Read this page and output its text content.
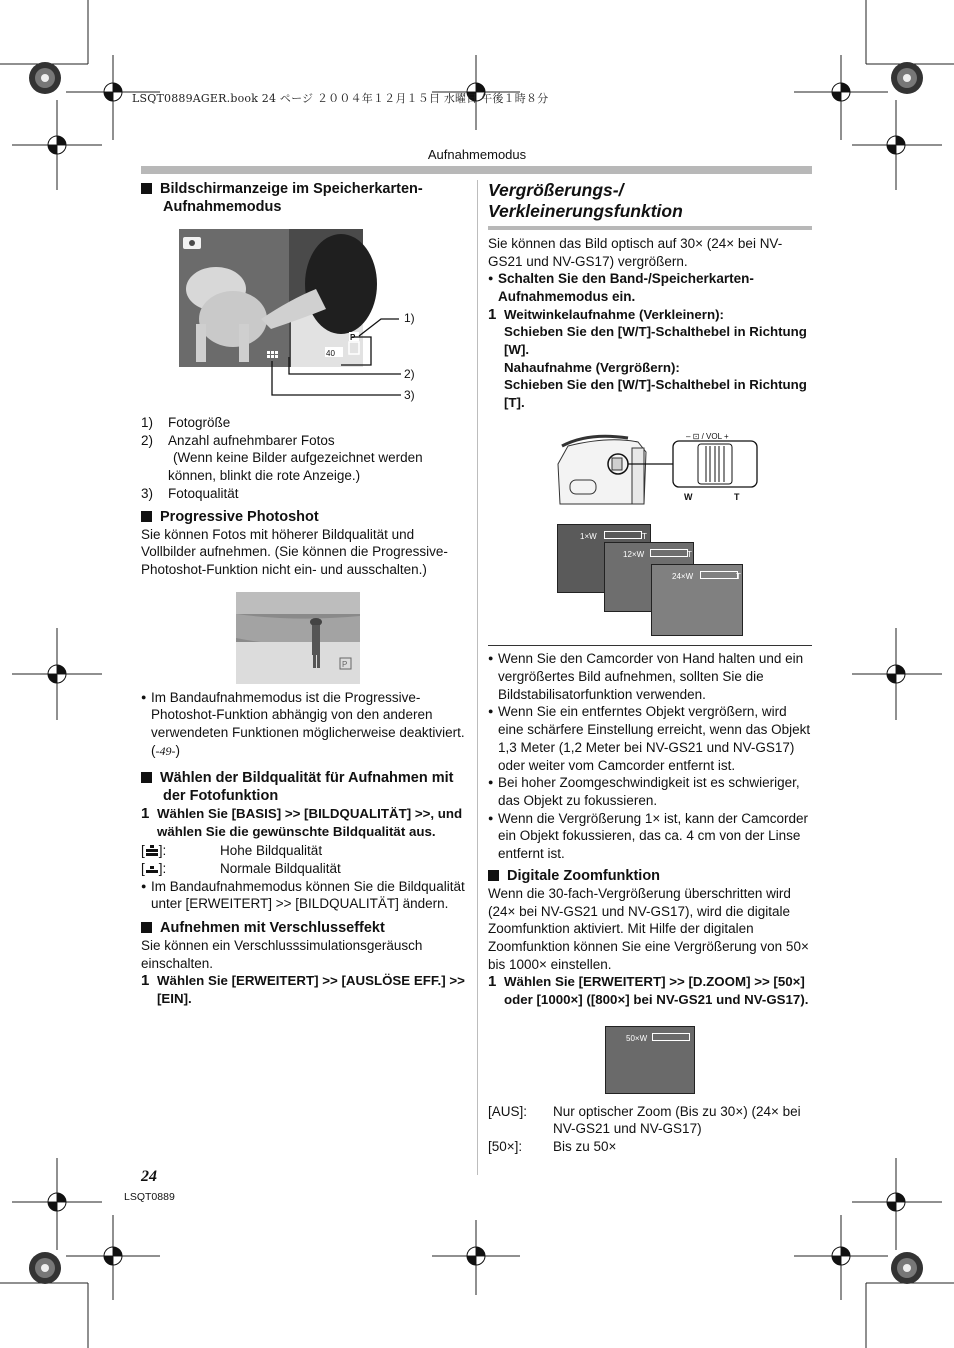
LSQT0889AGER.book 24 ページ ２００４年１２月１５日 水曜日 午後１時８分
Aufnahmemodus
Bildschirmanzeige im Speicherkarten-Aufnahmemodus
40
P
1)
2)
3)
1)	Fotogröße
2)	Anzahl aufnehmbarer Fotos
(Wenn keine Bilder aufgezeichnet werden können, blinkt die rote Anzeige.)
3)	Fotoqualität
Progressive Photoshot
Sie können Fotos mit höherer Bildqualität und Vollbilder aufnehmen. (Sie können die Progressive-Photoshot-Funktion nicht ein- und ausschalten.)
P
● Im Bandaufnahmemodus ist die Progressive-Photoshot-Funktion abhängig von den anderen verwendeten Funktionen möglicherweise deaktiviert. (-49-)
Wählen der Bildqualität für Aufnahmen mit der Fotofunktion
1 Wählen Sie [BASIS] >> [BILDQUALITÄT] >>, und wählen Sie die gewünschte Bildqualität aus.
[ ]:	Hohe Bildqualität
[ ]:	Normale Bildqualität
● Im Bandaufnahmemodus können Sie die Bildqualität unter [ERWEITERT] >> [BILDQUALITÄT] ändern.
Aufnehmen mit Verschlusseffekt
Sie können ein Verschlusssimulationsgeräusch einschalten.
1 Wählen Sie [ERWEITERT] >> [AUSLÖSE EFF.] >> [EIN].
Vergrößerungs-/ Verkleinerungsfunktion
Sie können das Bild optisch auf 30× (24× bei NV-GS21 und NV-GS17) vergrößern.
● Schalten Sie den Band-/Speicherkarten-Aufnahmemodus ein.
1 Weitwinkelaufnahme (Verkleinern):
Schieben Sie den [W/T]-Schalthebel in Richtung [W].
Nahaufnahme (Vergrößern):
Schieben Sie den [W/T]-Schalthebel in Richtung [T].
– ⊡ / VOL +
W	T
1×W	T
12×W	T
24×W	T
● Wenn Sie den Camcorder von Hand halten und ein vergrößertes Bild aufnehmen, sollten Sie die Bildstabilisatorfunktion verwenden.
● Wenn Sie ein entferntes Objekt vergrößern, wird eine schärfere Einstellung erreicht, wenn das Objekt 1,3 Meter (1,2 Meter bei NV-GS21 und NV-GS17) oder weiter vom Camcorder entfernt ist.
● Bei hoher Zoomgeschwindigkeit ist es schwieriger, das Objekt zu fokussieren.
● Wenn die Vergrößerung 1× ist, kann der Camcorder ein Objekt fokussieren, das ca. 4 cm von der Linse entfernt ist.
Digitale Zoomfunktion
Wenn die 30-fach-Vergrößerung überschritten wird (24× bei NV-GS21 und NV-GS17), wird die digitale Zoomfunktion aktiviert. Mit Hilfe der digitalen Zoomfunktion können Sie eine Vergrößerung von 50× bis 1000× einstellen.
1 Wählen Sie [ERWEITERT] >> [D.ZOOM] >> [50×] oder [1000×] ([800×] bei NV-GS21 und NV-GS17).
50×W
[AUS]:	Nur optischer Zoom (Bis zu 30×) (24× bei NV-GS21 und NV-GS17)
[50×]:	Bis zu 50×
24
LSQT0889
